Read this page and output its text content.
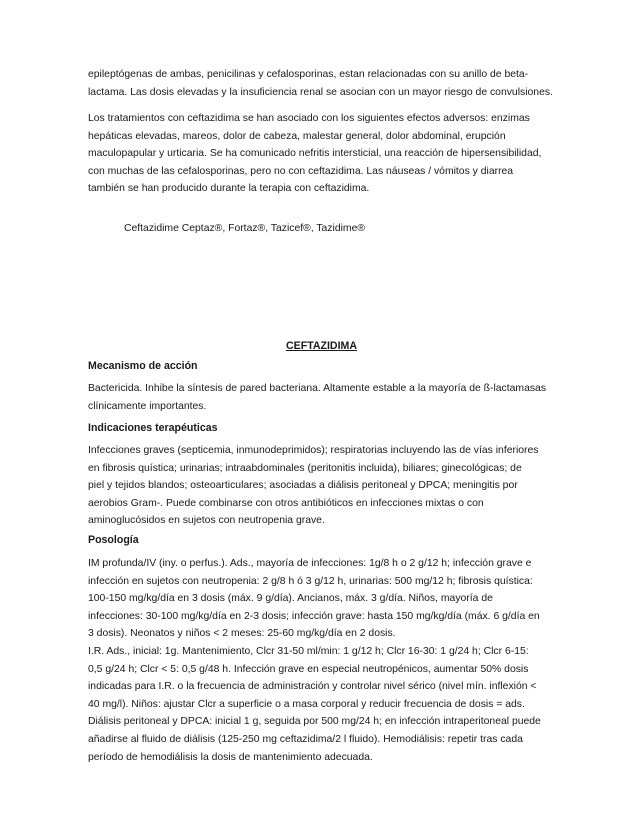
epileptógenas de ambas, penicilinas y cefalosporinas, estan relacionadas con su anillo de beta-
lactama. Las dosis elevadas y la insuficiencia renal se asocian con un mayor riesgo de convulsiones.

Los tratamientos con ceftazidima se han asociado con los siguientes efectos adversos: enzimas
hepáticas elevadas, mareos, dolor de cabeza, malestar general, dolor abdominal, erupción
maculopapular y urticaria. Se ha comunicado nefritis intersticial, una reacción de hipersensibilidad,
con muchas de las cefalosporinas, pero no con ceftazidima. Las náuseas / vómitos y diarrea
también se han producido durante la terapia con ceftazidima.

Ceftazidime Ceptaz®, Fortaz®, Tazicef®, Tazidime®
CEFTAZIDIMA
Mecanismo de acción

Bactericida. Inhibe la síntesis de pared bacteriana. Altamente estable a la mayoría de ß-lactamasas
clínicamente importantes.

Indicaciones terapéuticas

Infecciones graves (septicemia, inmunodeprimidos); respiratorias incluyendo las de vías inferiores
en fibrosis quística; urinarias; intraabdominales (peritonitis incluida), biliares; ginecológicas; de
piel y tejidos blandos; osteoarticulares; asociadas a diálisis peritoneal y DPCA; meningitis por
aerobios Gram-. Puede combinarse con otros antibióticos en infecciones mixtas o con
aminoglucósidos en sujetos con neutropenia grave.

Posología

IM profunda/IV (iny. o perfus.). Ads., mayoría de infecciones: 1g/8 h o 2 g/12 h; infección grave e
infección en sujetos con neutropenia: 2 g/8 h ó 3 g/12 h, urinarias: 500 mg/12 h; fibrosis quística:
100-150 mg/kg/día en 3 dosis (máx. 9 g/día). Ancianos, máx. 3 g/día. Niños, mayoría de
infecciones: 30-100 mg/kg/día en 2-3 dosis; infección grave: hasta 150 mg/kg/día (máx. 6 g/día en
3 dosis). Neonatos y niños < 2 meses: 25-60 mg/kg/día en 2 dosis.
I.R. Ads., inicial: 1g. Mantenimiento, Clcr 31-50 ml/min: 1 g/12 h; Clcr 16-30: 1 g/24 h; Clcr 6-15:
0,5 g/24 h; Clcr < 5: 0,5 g/48 h. Infección grave en especial neutropénicos, aumentar 50% dosis
indicadas para I.R. o la frecuencia de administración y controlar nivel sérico (nivel mín. inflexión <
40 mg/l). Niños: ajustar Clcr a superficie o a masa corporal y reducir frecuencia de dosis = ads.
Diálisis peritoneal y DPCA: inicial 1 g, seguida por 500 mg/24 h; en infección intraperitoneal puede
añadirse al fluido de diálisis (125-250 mg ceftazidima/2 l fluido). Hemodiálisis: repetir tras cada
período de hemodiálisis la dosis de mantenimiento adecuada.
